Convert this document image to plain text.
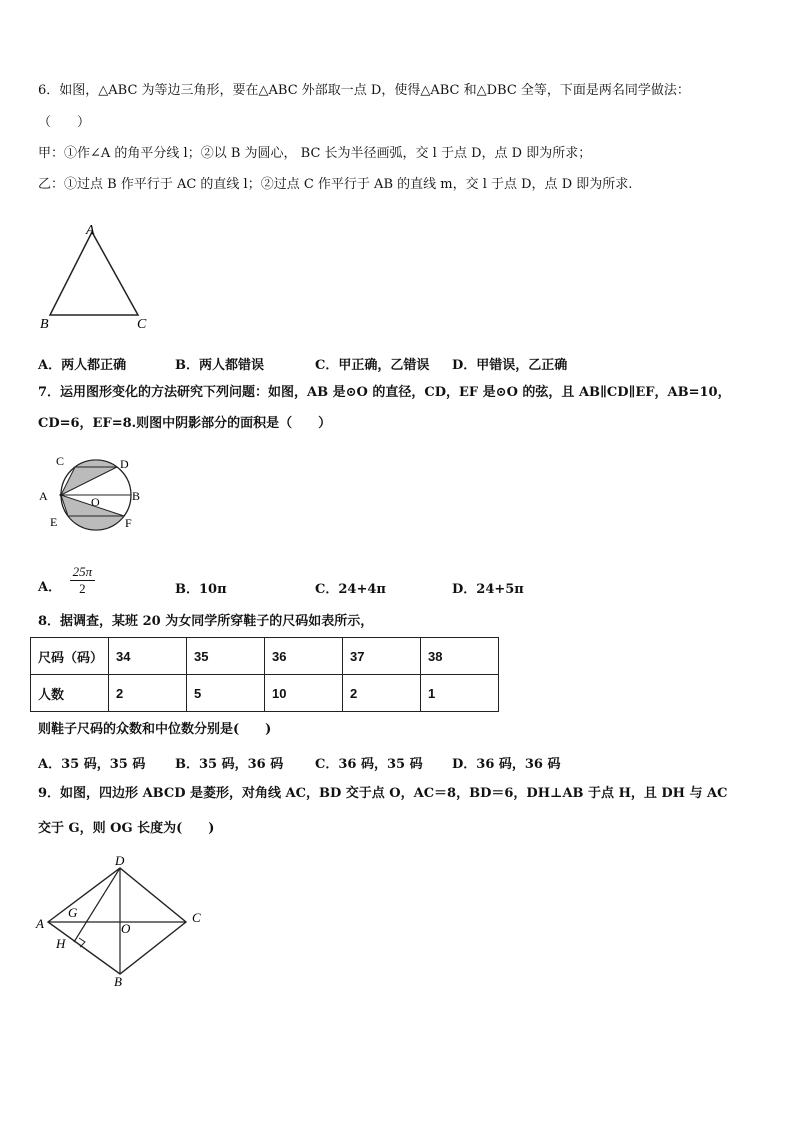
6．如图，△ABC 为等边三角形，要在△ABC 外部取一点 D，使得△ABC 和△DBC 全等，下面是两名同学做法：
（　　）
甲：①作∠A 的角平分线 l；②以 B 为圆心， BC 长为半径画弧，交 l 于点 D，点 D 即为所求；
乙：①过点 B 作平行于 AC 的直线 l；②过点 C 作平行于 AB 的直线 m，交 l 于点 D，点 D 即为所求.
A
B	C
A．两人都正确	B．两人都错误	C．甲正确，乙错误 D．甲错误，乙正确
7．运用图形变化的方法研究下列问题：如图，AB 是⊙O 的直径，CD，EF 是⊙O 的弦，且 AB∥CD∥EF，AB=10，
CD=6，EF=8.则图中阴影部分的面积是（　　）
C	D
A	O	B
E	F
A． $\frac{25\pi}{2}$	B．10π	C．24+4π	D．24+5π
8．据调查，某班 20 为女同学所穿鞋子的尺码如表所示，
尺码（码）	34	35	36	37	38
人数	2	5	10	2	1
则鞋子尺码的众数和中位数分别是(　　)
A．35 码，35 码 B．35 码，36 码 C．36 码，35 码 D．36 码，36 码
9．如图，四边形 ABCD 是菱形，对角线 AC，BD 交于点 O，AC＝8，BD＝6，DH⊥AB 于点 H，且 DH 与 AC
交于 G，则 OG 长度为(　　)
D
G
A	O
C
H
B
